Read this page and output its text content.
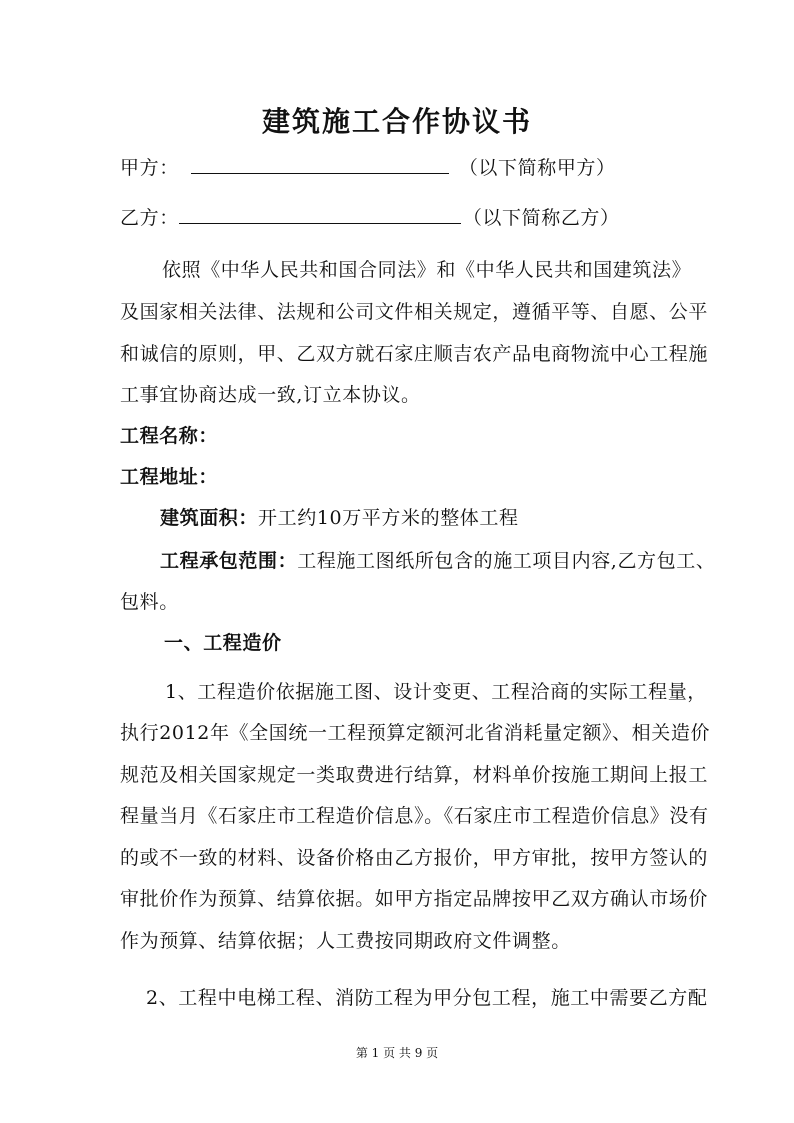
建筑施工合作协议书
甲方：	（以下简称甲方）
乙方：	（以下简称乙方）
依照《中华人民共和国合同法》和《中华人民共和国建筑法》
及国家相关法律、法规和公司文件相关规定，遵循平等、自愿、公平
和诚信的原则，甲、乙双方就石家庄顺吉农产品电商物流中心工程施
工事宜协商达成一致,订立本协议。
工程名称：
工程地址：
建筑面积：开工约10万平方米的整体工程
工程承包范围：工程施工图纸所包含的施工项目内容,乙方包工、
包料。
一、工程造价
1、工程造价依据施工图、设计变更、工程洽商的实际工程量，
执行2012年《全国统一工程预算定额河北省消耗量定额》、相关造价
规范及相关国家规定一类取费进行结算，材料单价按施工期间上报工
程量当月《石家庄市工程造价信息》。《石家庄市工程造价信息》没有
的或不一致的材料、设备价格由乙方报价，甲方审批，按甲方签认的
审批价作为预算、结算依据。如甲方指定品牌按甲乙双方确认市场价
作为预算、结算依据；人工费按同期政府文件调整。
2、工程中电梯工程、消防工程为甲分包工程，施工中需要乙方配
第 1 页 共 9 页
